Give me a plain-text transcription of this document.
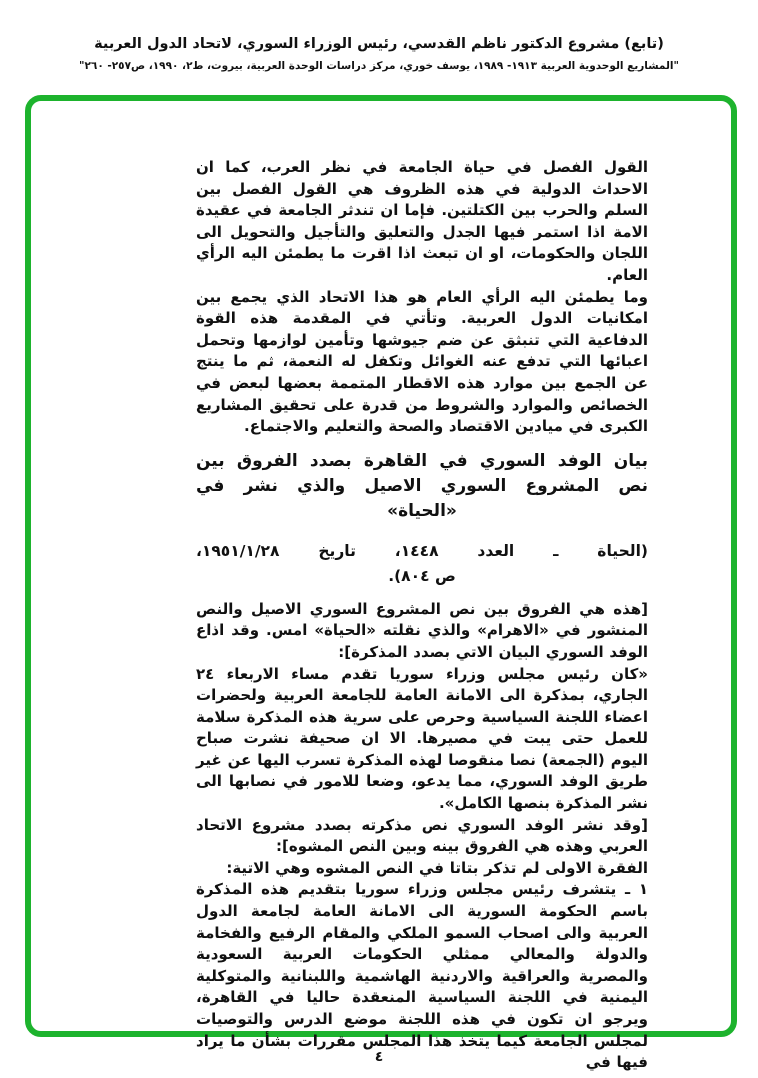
(تابع) مشروع الدكتور ناظم القدسي، رئيس الوزراء السوري، لاتحاد الدول العربية
"المشاريع الوحدوية العربية ١٩١٣- ١٩٨٩، يوسف خوري، مركز دراسات الوحدة العربية، بيروت، ط٢، ١٩٩٠، ص٢٥٧- ٢٦٠"

القول الفصل في حياة الجامعة في نظر العرب، كما ان الاحداث الدولية في هذه الظروف هي القول الفصل بين السلم والحرب بين الكتلتين. فإما ان تندثر الجامعة في عقيدة الامة اذا استمر فيها الجدل والتعليق والتأجيل والتحويل الى اللجان والحكومات، او ان تبعث اذا اقرت ما يطمئن اليه الرأي العام.

وما يطمئن اليه الرأي العام هو هذا الاتحاد الذي يجمع بين امكانيات الدول العربية. وتأتي في المقدمة هذه القوة الدفاعية التي تنبثق عن ضم جيوشها وتأمين لوازمها وتحمل اعبائها التي تدفع عنه الغوائل وتكفل له النعمة، ثم ما ينتج عن الجمع بين موارد هذه الاقطار المتممة بعضها لبعض في الخصائص والموارد والشروط من قدرة على تحقيق المشاريع الكبرى في ميادين الاقتصاد والصحة والتعليم والاجتماع.

بيان الوفد السوري في القاهرة بصدد الفروق بين
نص المشروع السوري الاصيل والذي نشر في
«الحياة»
(الحياة ـ العدد ١٤٤٨، تاريخ ١٩٥١/١/٢٨،
ص ٨٠٤).

[هذه هي الفروق بين نص المشروع السوري الاصيل والنص المنشور في «الاهرام» والذي نقلته «الحياة» امس. وقد اذاع الوفد السوري البيان الاتي بصدد المذكرة]:

«كان رئيس مجلس وزراء سوريا تقدم مساء الاربعاء ٢٤ الجاري، بمذكرة الى الامانة العامة للجامعة العربية ولحضرات اعضاء اللجنة السياسية وحرص على سرية هذه المذكرة سلامة للعمل حتى يبت في مصيرها. الا ان صحيفة نشرت صباح اليوم (الجمعة) نصا منقوصا لهذه المذكرة تسرب اليها عن غير طريق الوفد السوري، مما يدعو، وضعا للامور في نصابها الى نشر المذكرة بنصها الكامل».

[وقد نشر الوفد السوري نص مذكرته بصدد مشروع الاتحاد العربي وهذه هي الفروق بينه وبين النص المشوه]:

الفقرة الاولى لم تذكر بتاتا في النص المشوه وهي الاتية:

١ ـ يتشرف رئيس مجلس وزراء سوريا بتقديم هذه المذكرة باسم الحكومة السورية الى الامانة العامة لجامعة الدول العربية والى اصحاب السمو الملكي والمقام الرفيع والفخامة والدولة والمعالي ممثلي الحكومات العربية السعودية والمصرية والعراقية والاردنية الهاشمية واللبنانية والمتوكلية اليمنية في اللجنة السياسية المنعقدة حاليا في القاهرة، ويرجو ان تكون في هذه اللجنة موضع الدرس والتوصيات لمجلس الجامعة كيما يتخذ هذا المجلس مقررات بشأن ما يراد فيها في

٤
